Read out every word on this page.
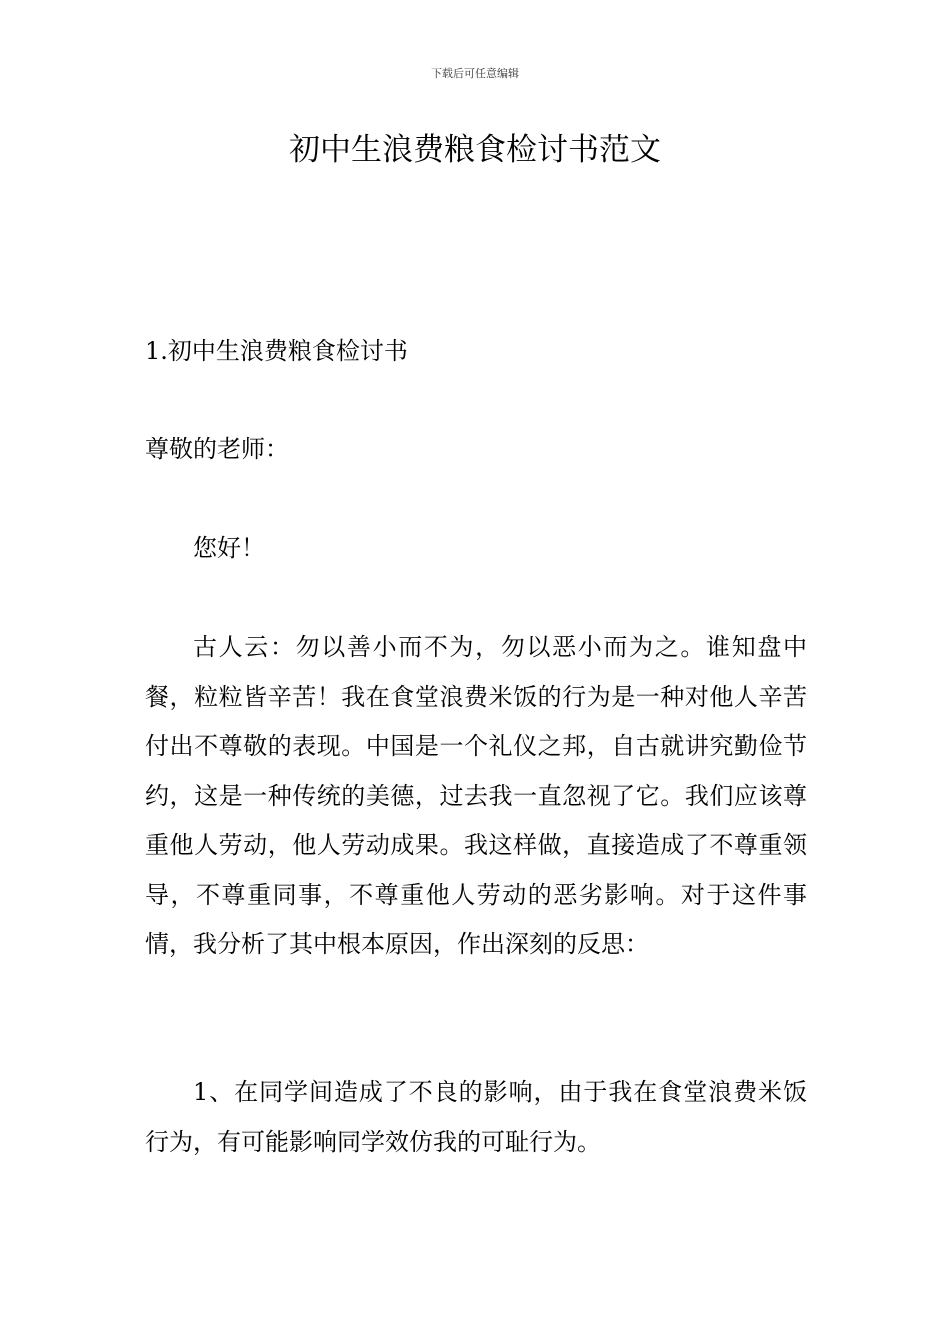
下载后可任意编辑
初中生浪费粮食检讨书范文

1.初中生浪费粮食检讨书

尊敬的老师：

您好！

古人云：勿以善小而不为，勿以恶小而为之。谁知盘中餐，粒粒皆辛苦！我在食堂浪费米饭的行为是一种对他人辛苦付出不尊敬的表现。中国是一个礼仪之邦，自古就讲究勤俭节约，这是一种传统的美德，过去我一直忽视了它。我们应该尊重他人劳动，他人劳动成果。我这样做，直接造成了不尊重领导，不尊重同事，不尊重他人劳动的恶劣影响。对于这件事情，我分析了其中根本原因，作出深刻的反思：

1、在同学间造成了不良的影响，由于我在食堂浪费米饭行为，有可能影响同学效仿我的可耻行为。
